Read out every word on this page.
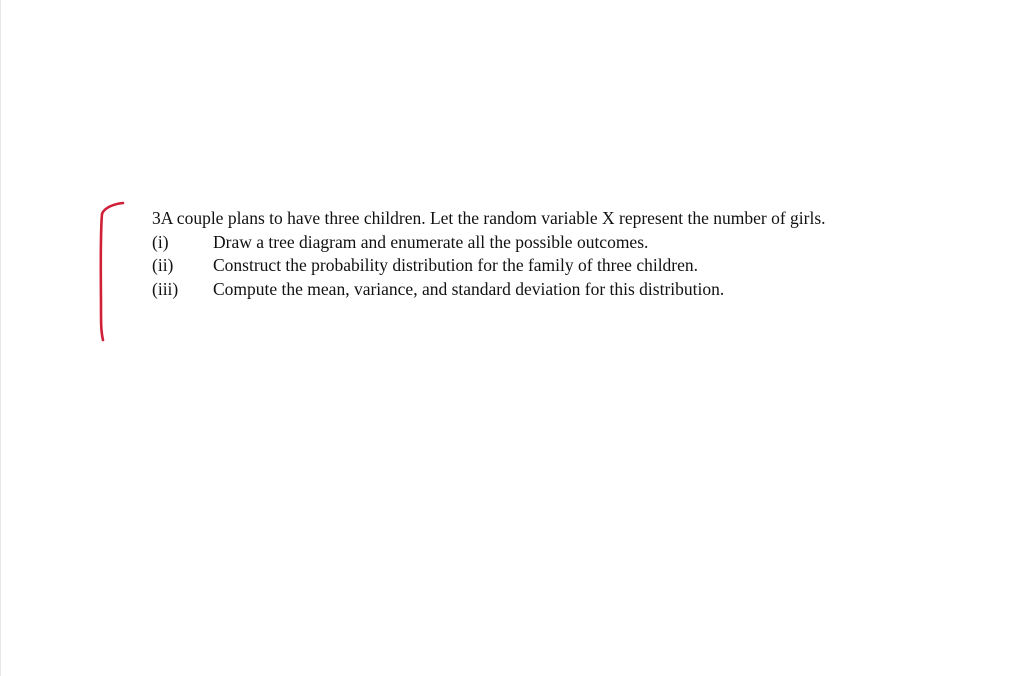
3A couple plans to have three children. Let the random variable X represent the number of girls.

(i)	Draw a tree diagram and enumerate all the possible outcomes.
(ii)	Construct the probability distribution for the family of three children.
(iii)	Compute the mean, variance, and standard deviation for this distribution.
